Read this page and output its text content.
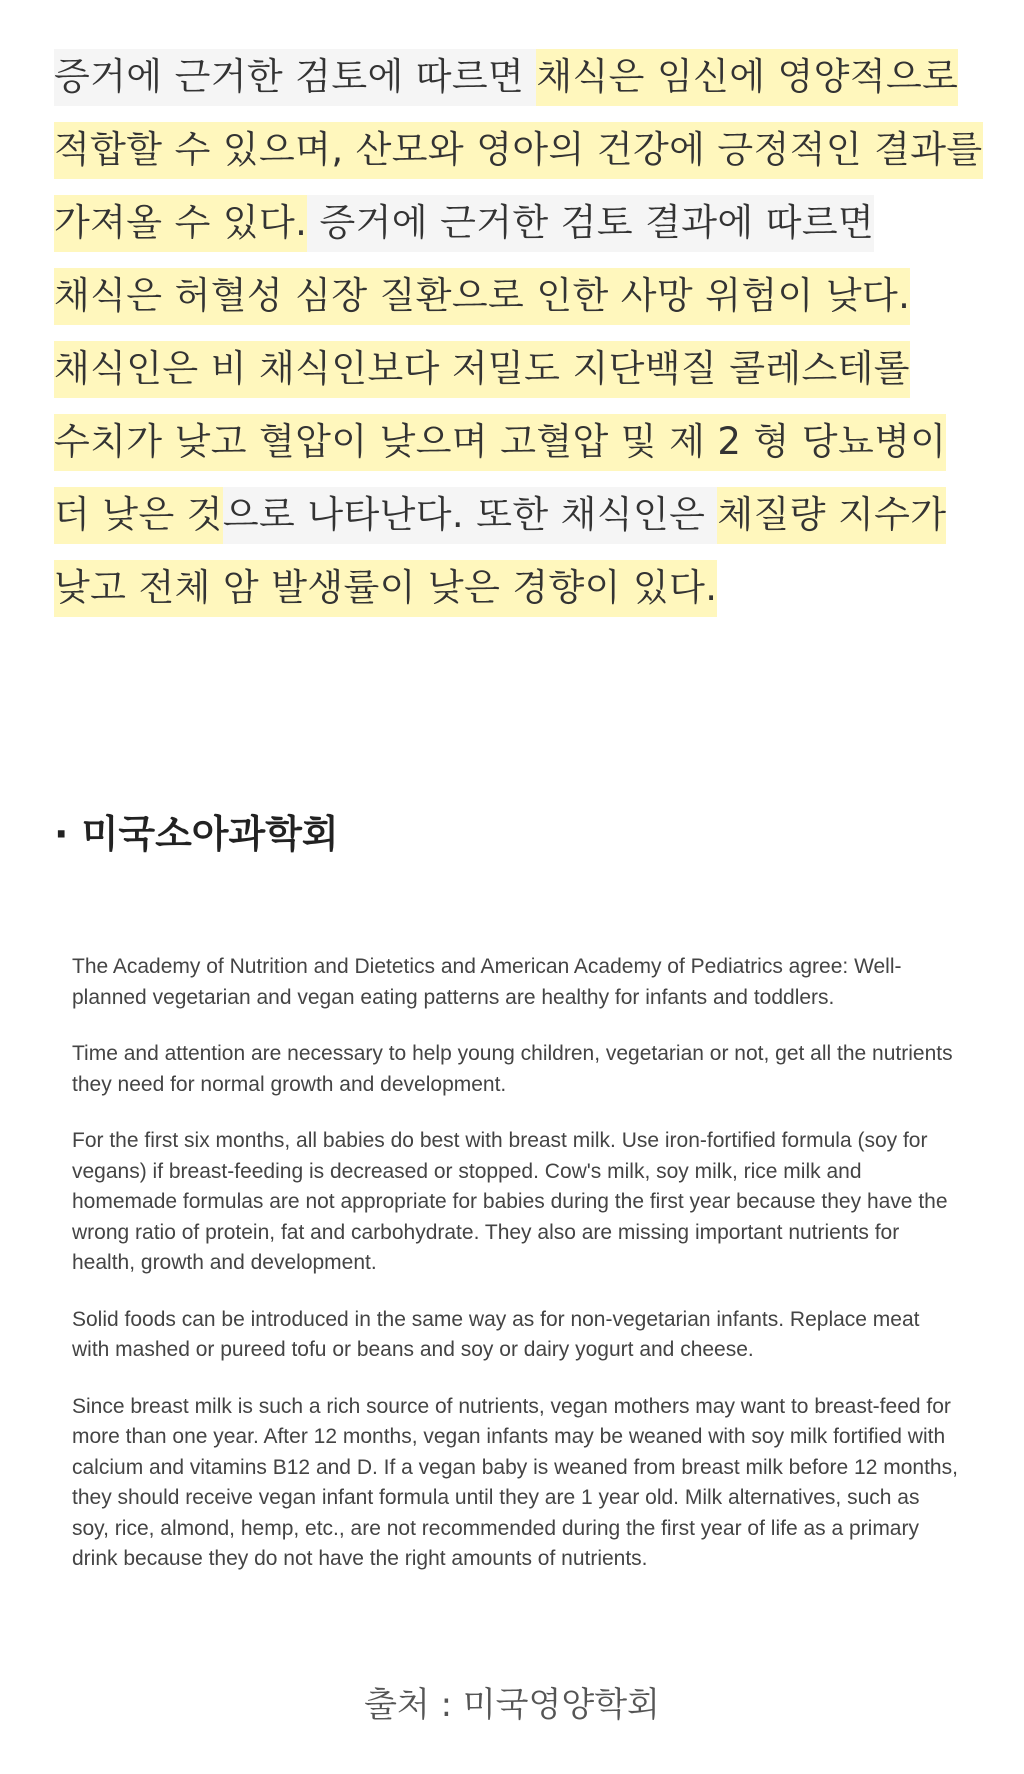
증거에 근거한 검토에 따르면 채식은 임신에 영양적으로 적합할 수 있으며, 산모와 영아의 건강에 긍정적인 결과를 가져올 수 있다. 증거에 근거한 검토 결과에 따르면 채식은 허혈성 심장 질환으로 인한 사망 위험이 낮다. 채식인은 비 채식인보다 저밀도 지단백질 콜레스테롤 수치가 낮고 혈압이 낮으며 고혈압 및 제 2 형 당뇨병이 더 낮은 것으로 나타난다. 또한 채식인은 체질량 지수가 낮고 전체 암 발생률이 낮은 경향이 있다.

· 미국소아과학회

The Academy of Nutrition and Dietetics and American Academy of Pediatrics agree: Well-planned vegetarian and vegan eating patterns are healthy for infants and toddlers.

Time and attention are necessary to help young children, vegetarian or not, get all the nutrients they need for normal growth and development.

For the first six months, all babies do best with breast milk. Use iron-fortified formula (soy for vegans) if breast-feeding is decreased or stopped. Cow's milk, soy milk, rice milk and homemade formulas are not appropriate for babies during the first year because they have the wrong ratio of protein, fat and carbohydrate. They also are missing important nutrients for health, growth and development.

Solid foods can be introduced in the same way as for non-vegetarian infants. Replace meat with mashed or pureed tofu or beans and soy or dairy yogurt and cheese.

Since breast milk is such a rich source of nutrients, vegan mothers may want to breast-feed for more than one year. After 12 months, vegan infants may be weaned with soy milk fortified with calcium and vitamins B12 and D. If a vegan baby is weaned from breast milk before 12 months, they should receive vegan infant formula until they are 1 year old. Milk alternatives, such as soy, rice, almond, hemp, etc., are not recommended during the first year of life as a primary drink because they do not have the right amounts of nutrients.

출처 : 미국영양학회
